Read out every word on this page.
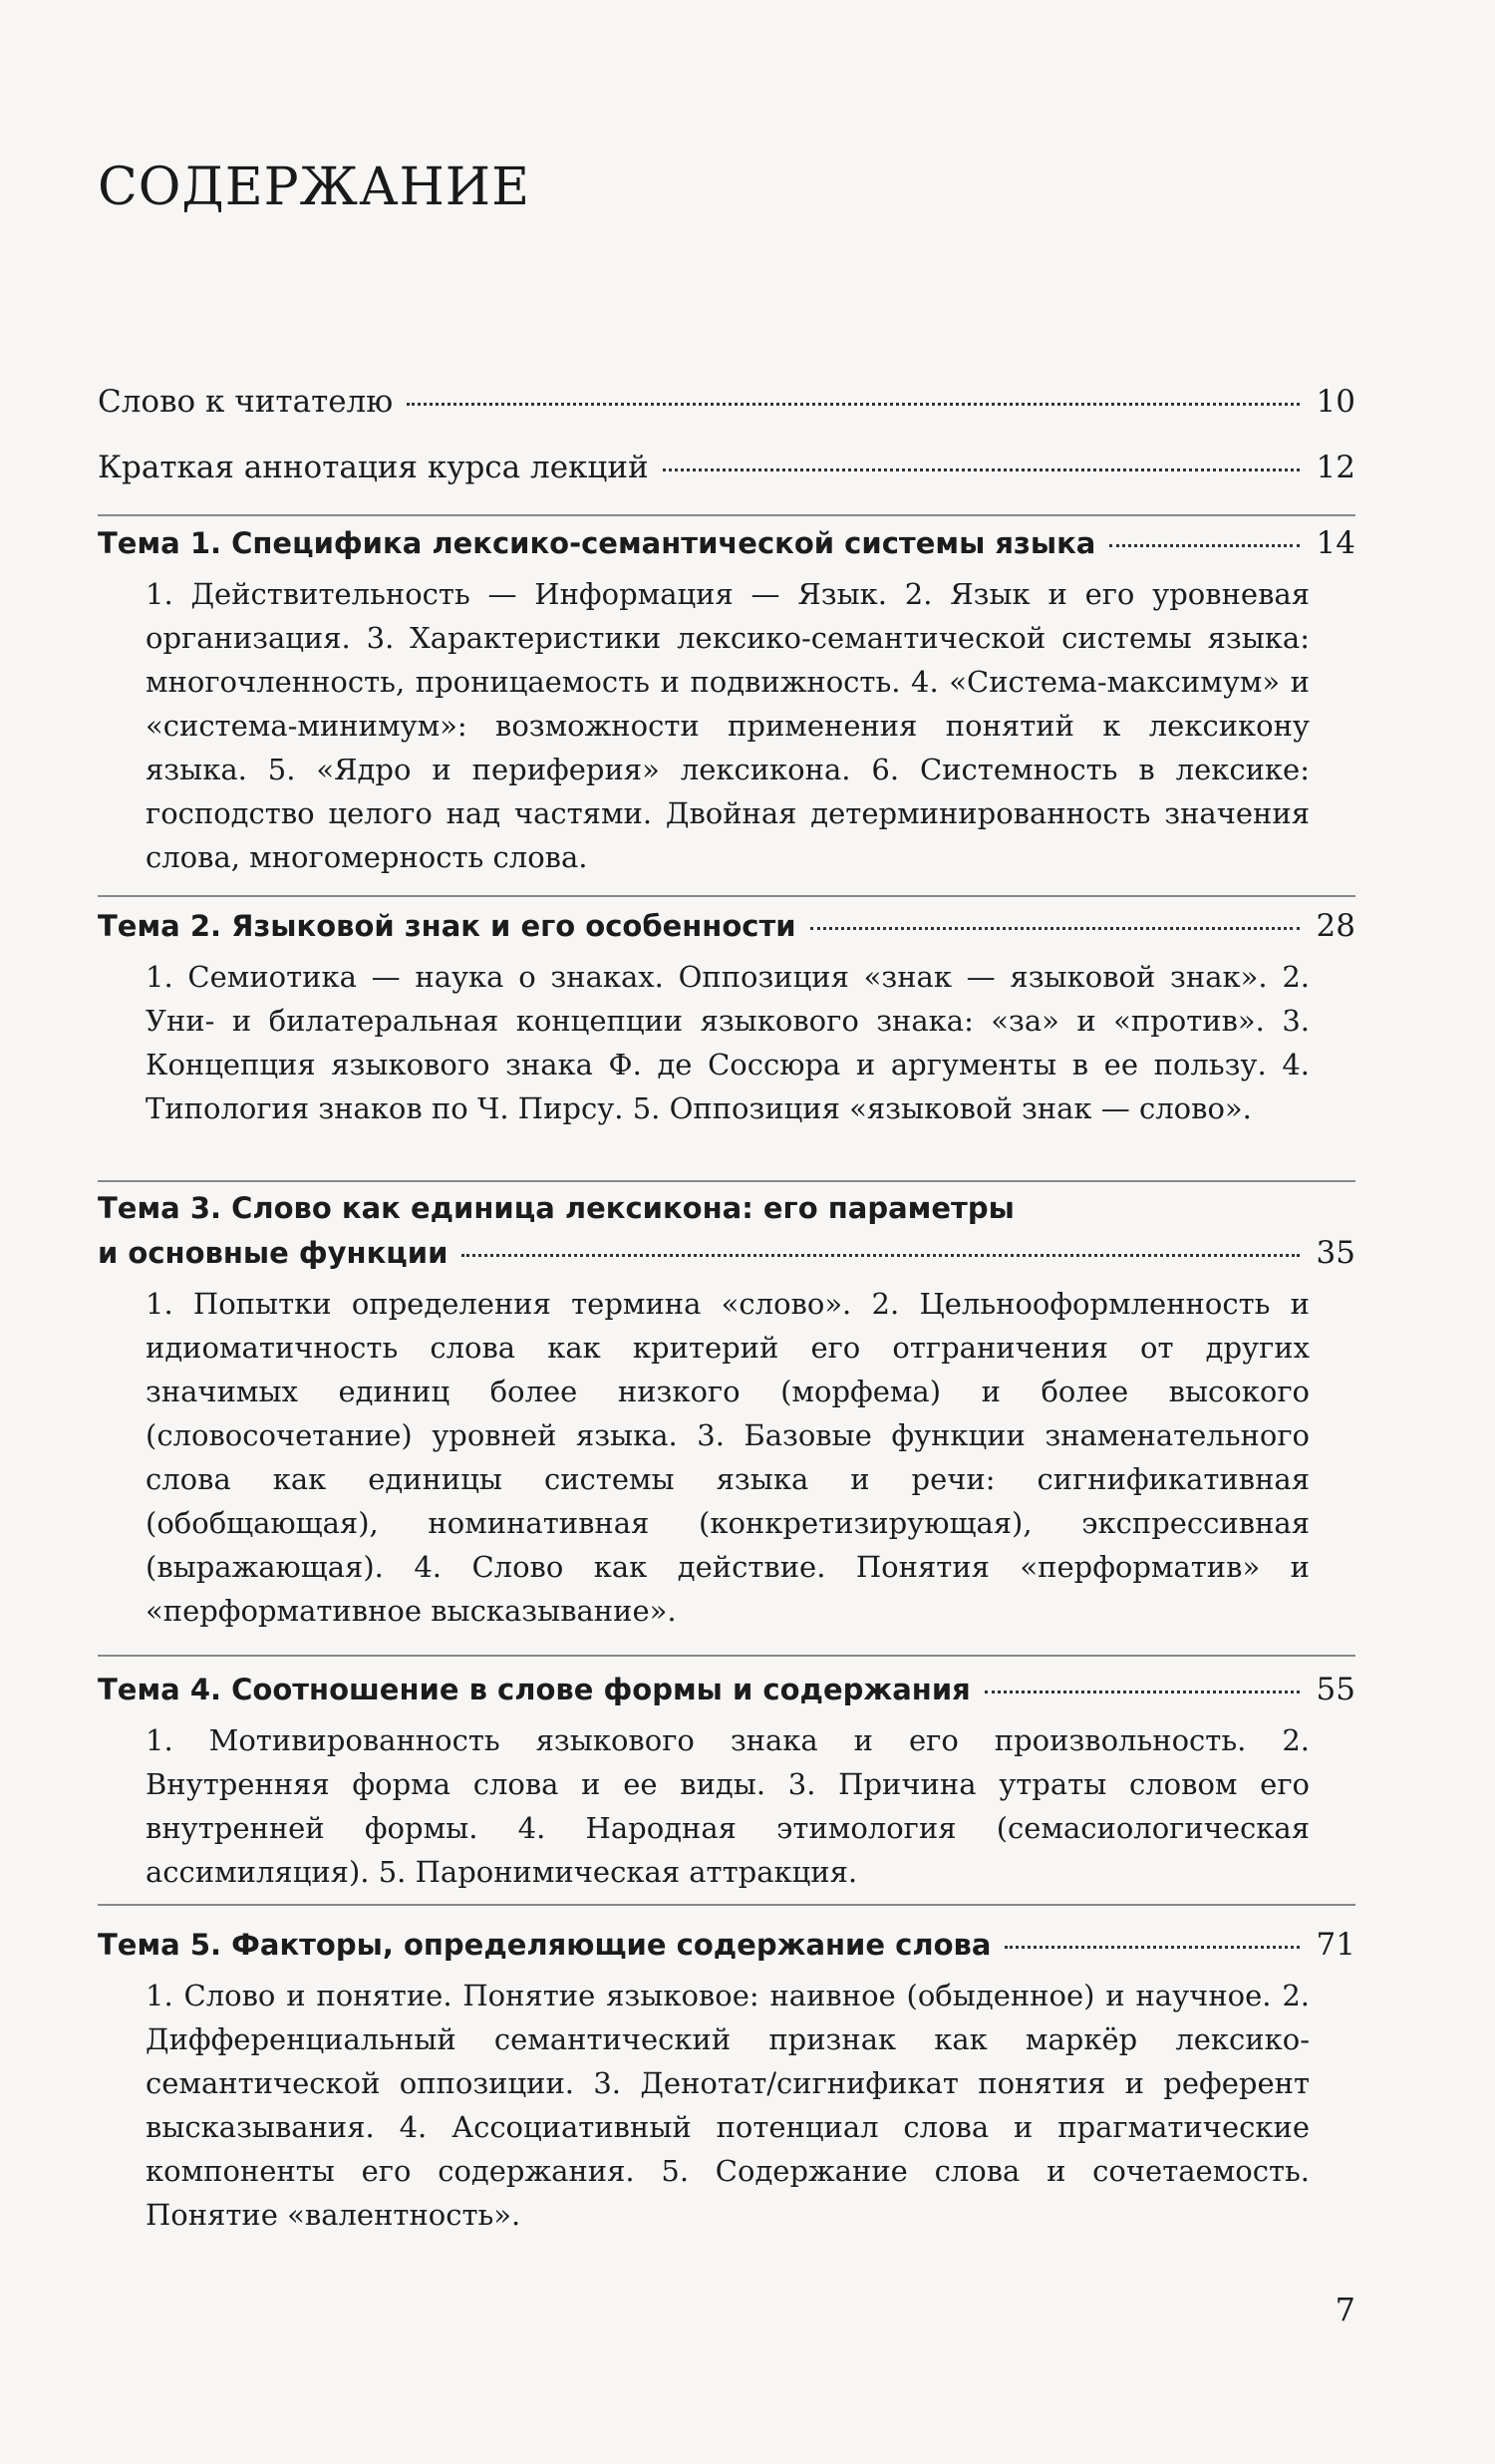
СОДЕРЖАНИЕ
Слово к читателю	10
Краткая аннотация курса лекций	12
Тема 1. Специфика лексико-семантической системы языка	14
1. Действительность — Информация — Язык. 2. Язык и его уровневая организация. 3. Характеристики лексико-семантической системы языка: многочленность, проницаемость и подвижность. 4. «Система-максимум» и «система-минимум»: возможности применения понятий к лексикону языка. 5. «Ядро и периферия» лексикона. 6. Системность в лексике: господство целого над частями. Двойная детерминированность значения слова, многомерность слова.
Тема 2. Языковой знак и его особенности	28
1. Семиотика — наука о знаках. Оппозиция «знак — языковой знак». 2. Уни- и билатеральная концепции языкового знака: «за» и «против». 3. Концепция языкового знака Ф. де Соссюра и аргументы в ее пользу. 4. Типология знаков по Ч. Пирсу. 5. Оппозиция «языковой знак — слово».
Тема 3. Слово как единица лексикона: его параметры
и основные функции	35
1. Попытки определения термина «слово». 2. Цельнооформленность и идиоматичность слова как критерий его отграничения от других значимых единиц более низкого (морфема) и более высокого (словосочетание) уровней языка. 3. Базовые функции знаменательного слова как единицы системы языка и речи: сигнификативная (обобщающая), номинативная (конкретизирующая), экспрессивная (выражающая). 4. Слово как действие. Понятия «перформатив» и «перформативное высказывание».
Тема 4. Соотношение в слове формы и содержания	55
1. Мотивированность языкового знака и его произвольность. 2. Внутренняя форма слова и ее виды. 3. Причина утраты словом его внутренней формы. 4. Народная этимология (семасиологическая ассимиляция). 5. Паронимическая аттракция.
Тема 5. Факторы, определяющие содержание слова	71
1. Слово и понятие. Понятие языковое: наивное (обыденное) и научное. 2. Дифференциальный семантический признак как маркёр лексико-семантической оппозиции. 3. Денотат/сигнификат понятия и референт высказывания. 4. Ассоциативный потенциал слова и прагматические компоненты его содержания. 5. Содержание слова и сочетаемость. Понятие «валентность».
7
